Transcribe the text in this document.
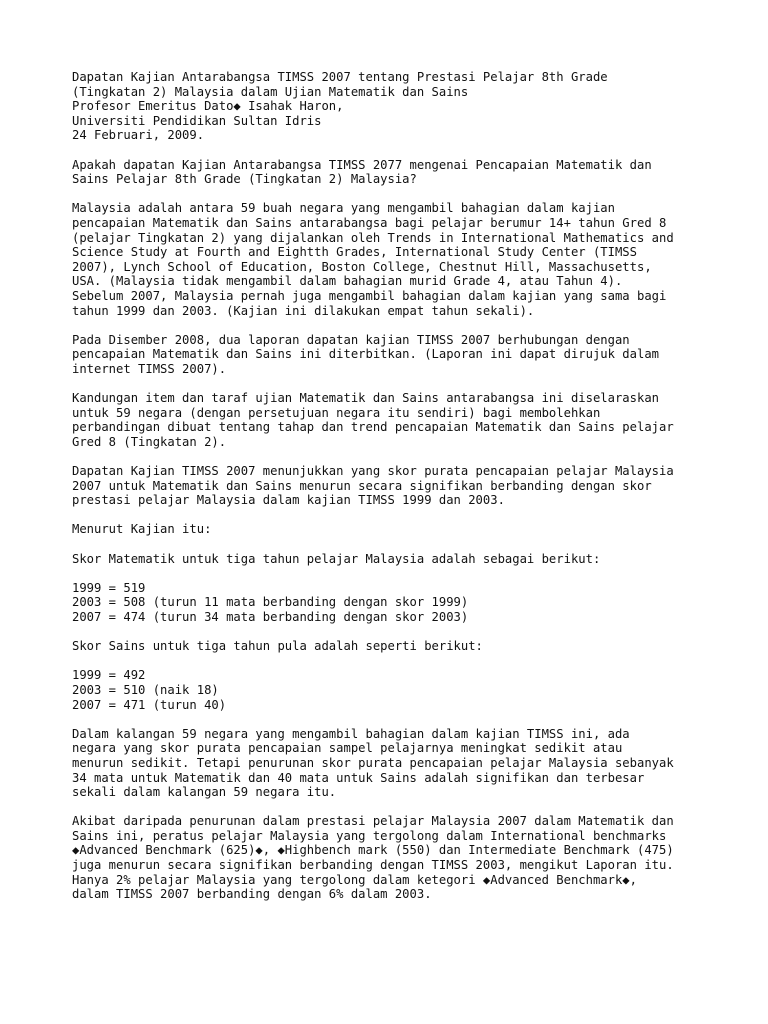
Dapatan Kajian Antarabangsa TIMSS 2007 tentang Prestasi Pelajar 8th Grade
(Tingkatan 2) Malaysia dalam Ujian Matematik dan Sains
Profesor Emeritus Dato◆ Isahak Haron,
Universiti Pendidikan Sultan Idris
24 Februari, 2009.
Apakah dapatan Kajian Antarabangsa TIMSS 2077 mengenai Pencapaian Matematik dan
Sains Pelajar 8th Grade (Tingkatan 2) Malaysia?
Malaysia adalah antara 59 buah negara yang mengambil bahagian dalam kajian
pencapaian Matematik dan Sains antarabangsa bagi pelajar berumur 14+ tahun Gred 8
(pelajar Tingkatan 2) yang dijalankan oleh Trends in International Mathematics and
Science Study at Fourth and Eightth Grades, International Study Center (TIMSS
2007), Lynch School of Education, Boston College, Chestnut Hill, Massachusetts,
USA. (Malaysia tidak mengambil dalam bahagian murid Grade 4, atau Tahun 4).
Sebelum 2007, Malaysia pernah juga mengambil bahagian dalam kajian yang sama bagi
tahun 1999 dan 2003. (Kajian ini dilakukan empat tahun sekali).
Pada Disember 2008, dua laporan dapatan kajian TIMSS 2007 berhubungan dengan
pencapaian Matematik dan Sains ini diterbitkan. (Laporan ini dapat dirujuk dalam
internet TIMSS 2007).
Kandungan item dan taraf ujian Matematik dan Sains antarabangsa ini diselaraskan
untuk 59 negara (dengan persetujuan negara itu sendiri) bagi membolehkan
perbandingan dibuat tentang tahap dan trend pencapaian Matematik dan Sains pelajar
Gred 8 (Tingkatan 2).
Dapatan Kajian TIMSS 2007 menunjukkan yang skor purata pencapaian pelajar Malaysia
2007 untuk Matematik dan Sains menurun secara signifikan berbanding dengan skor
prestasi pelajar Malaysia dalam kajian TIMSS 1999 dan 2003.
Menurut Kajian itu:
Skor Matematik untuk tiga tahun pelajar Malaysia adalah sebagai berikut:
1999 = 519
2003 = 508 (turun 11 mata berbanding dengan skor 1999)
2007 = 474 (turun 34 mata berbanding dengan skor 2003)
Skor Sains untuk tiga tahun pula adalah seperti berikut:
1999 = 492
2003 = 510 (naik 18)
2007 = 471 (turun 40)
Dalam kalangan 59 negara yang mengambil bahagian dalam kajian TIMSS ini, ada
negara yang skor purata pencapaian sampel pelajarnya meningkat sedikit atau
menurun sedikit. Tetapi penurunan skor purata pencapaian pelajar Malaysia sebanyak
34 mata untuk Matematik dan 40 mata untuk Sains adalah signifikan dan terbesar
sekali dalam kalangan 59 negara itu.
Akibat daripada penurunan dalam prestasi pelajar Malaysia 2007 dalam Matematik dan
Sains ini, peratus pelajar Malaysia yang tergolong dalam International benchmarks
◆Advanced Benchmark (625)◆, ◆Highbench mark (550) dan Intermediate Benchmark (475)
juga menurun secara signifikan berbanding dengan TIMSS 2003, mengikut Laporan itu.
Hanya 2% pelajar Malaysia yang tergolong dalam ketegori ◆Advanced Benchmark◆,
dalam TIMSS 2007 berbanding dengan 6% dalam 2003.
